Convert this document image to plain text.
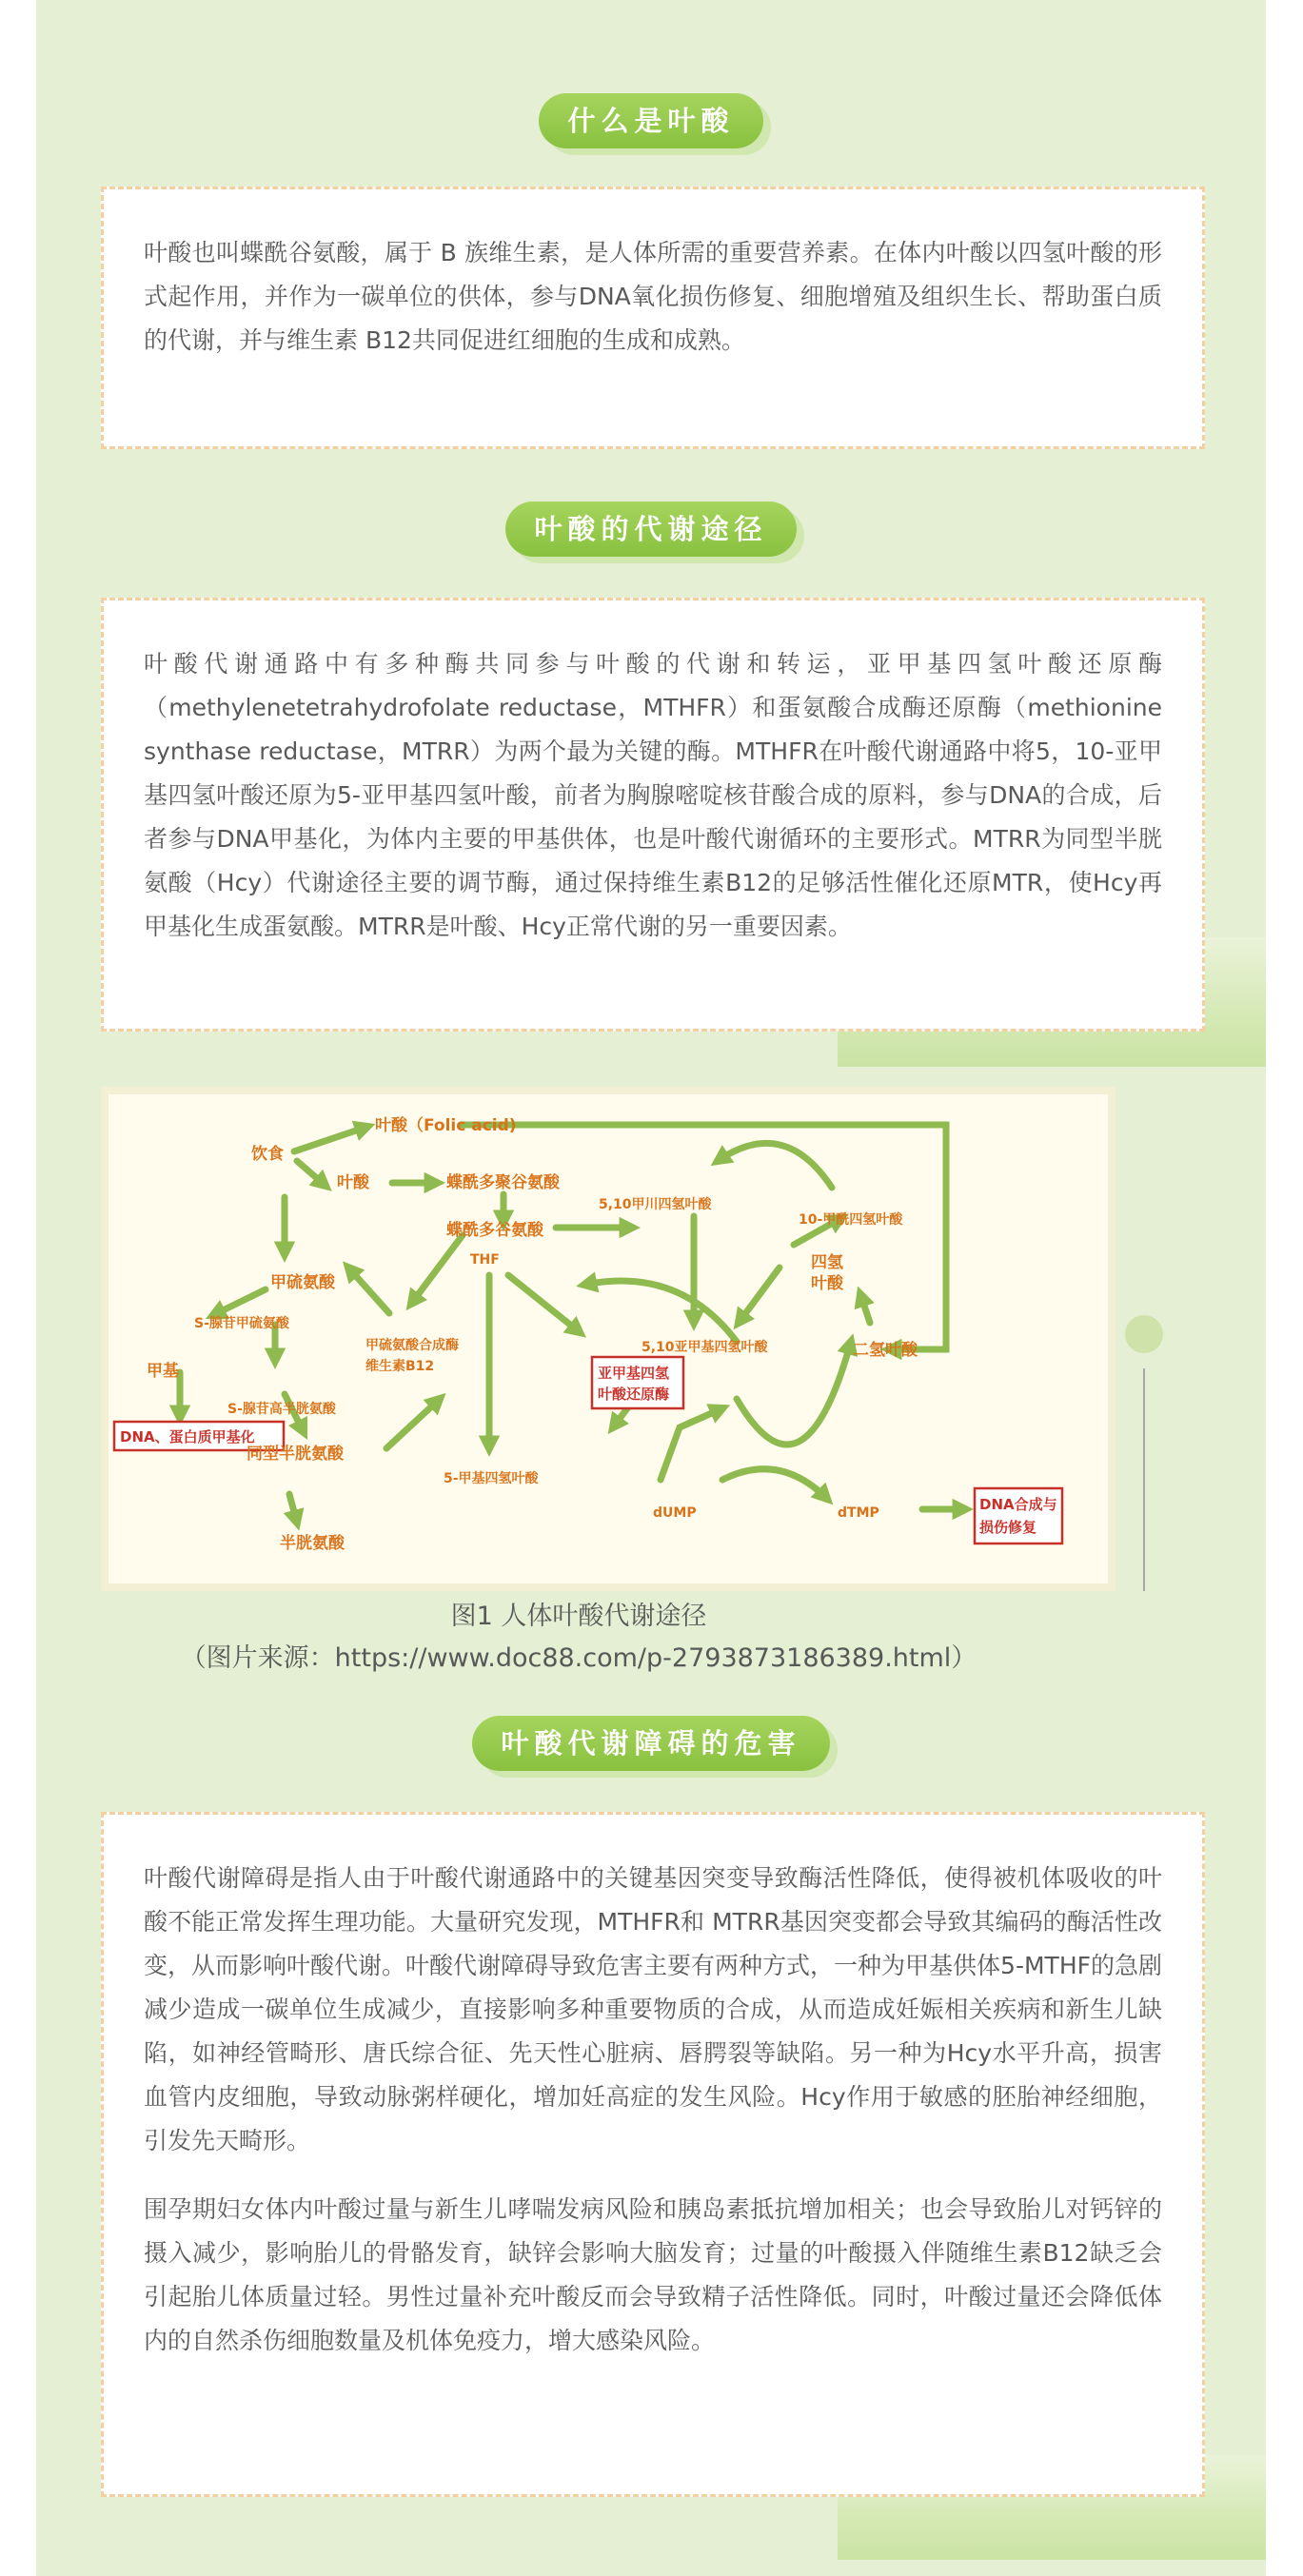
什么是叶酸

叶酸也叫蝶酰谷氨酸，属于 B 族维生素，是人体所需的重要营养素。在体内叶酸以四氢叶酸的形式起作用，并作为一碳单位的供体，参与DNA氧化损伤修复、细胞增殖及组织生长、帮助蛋白质的代谢，并与维生素 B12共同促进红细胞的生成和成熟。

叶酸的代谢途径

叶酸代谢通路中有多种酶共同参与叶酸的代谢和转运，亚甲基四氢叶酸还原酶（methylenetetrahydrofolate reductase，MTHFR）和蛋氨酸合成酶还原酶（methionine synthase reductase，MTRR）为两个最为关键的酶。MTHFR在叶酸代谢通路中将5，10-亚甲基四氢叶酸还原为5-亚甲基四氢叶酸，前者为胸腺嘧啶核苷酸合成的原料，参与DNA的合成，后者参与DNA甲基化，为体内主要的甲基供体，也是叶酸代谢循环的主要形式。MTRR为同型半胱氨酸（Hcy）代谢途径主要的调节酶，通过保持维生素B12的足够活性催化还原MTR，使Hcy再甲基化生成蛋氨酸。MTRR是叶酸、Hcy正常代谢的另一重要因素。

饮食
叶酸（Folic acid)
叶酸	蝶酰多聚谷氨酸
5,10甲川四氢叶酸
10-甲酰四氢叶酸
蝶酰多谷氨酸
THF	四氢
叶酸
甲硫氨酸
S-腺苷甲硫氨酸
甲硫氨酸合成酶
维生素B12
5,10亚甲基四氢叶酸	二氢叶酸
甲基	亚甲基四氢
叶酸还原酶
S-腺苷高半胱氨酸
DNA、蛋白质甲基化
同型半胱氨酸
5-甲基四氢叶酸
dUMP	dTMP	DNA合成与
损伤修复
半胱氨酸
图1 人体叶酸代谢途径
（图片来源：https://www.doc88.com/p-2793873186389.html）
叶酸代谢障碍的危害

叶酸代谢障碍是指人由于叶酸代谢通路中的关键基因突变导致酶活性降低，使得被机体吸收的叶酸不能正常发挥生理功能。大量研究发现，MTHFR和 MTRR基因突变都会导致其编码的酶活性改变，从而影响叶酸代谢。叶酸代谢障碍导致危害主要有两种方式，一种为甲基供体5-MTHF的急剧减少造成一碳单位生成减少，直接影响多种重要物质的合成，从而造成妊娠相关疾病和新生儿缺陷，如神经管畸形、唐氏综合征、先天性心脏病、唇腭裂等缺陷。另一种为Hcy水平升高，损害血管内皮细胞，导致动脉粥样硬化，增加妊高症的发生风险。Hcy作用于敏感的胚胎神经细胞，引发先天畸形。

围孕期妇女体内叶酸过量与新生儿哮喘发病风险和胰岛素抵抗增加相关；也会导致胎儿对钙锌的摄入减少，影响胎儿的骨骼发育，缺锌会影响大脑发育；过量的叶酸摄入伴随维生素B12缺乏会引起胎儿体质量过轻。男性过量补充叶酸反而会导致精子活性降低。同时，叶酸过量还会降低体内的自然杀伤细胞数量及机体免疫力，增大感染风险。
